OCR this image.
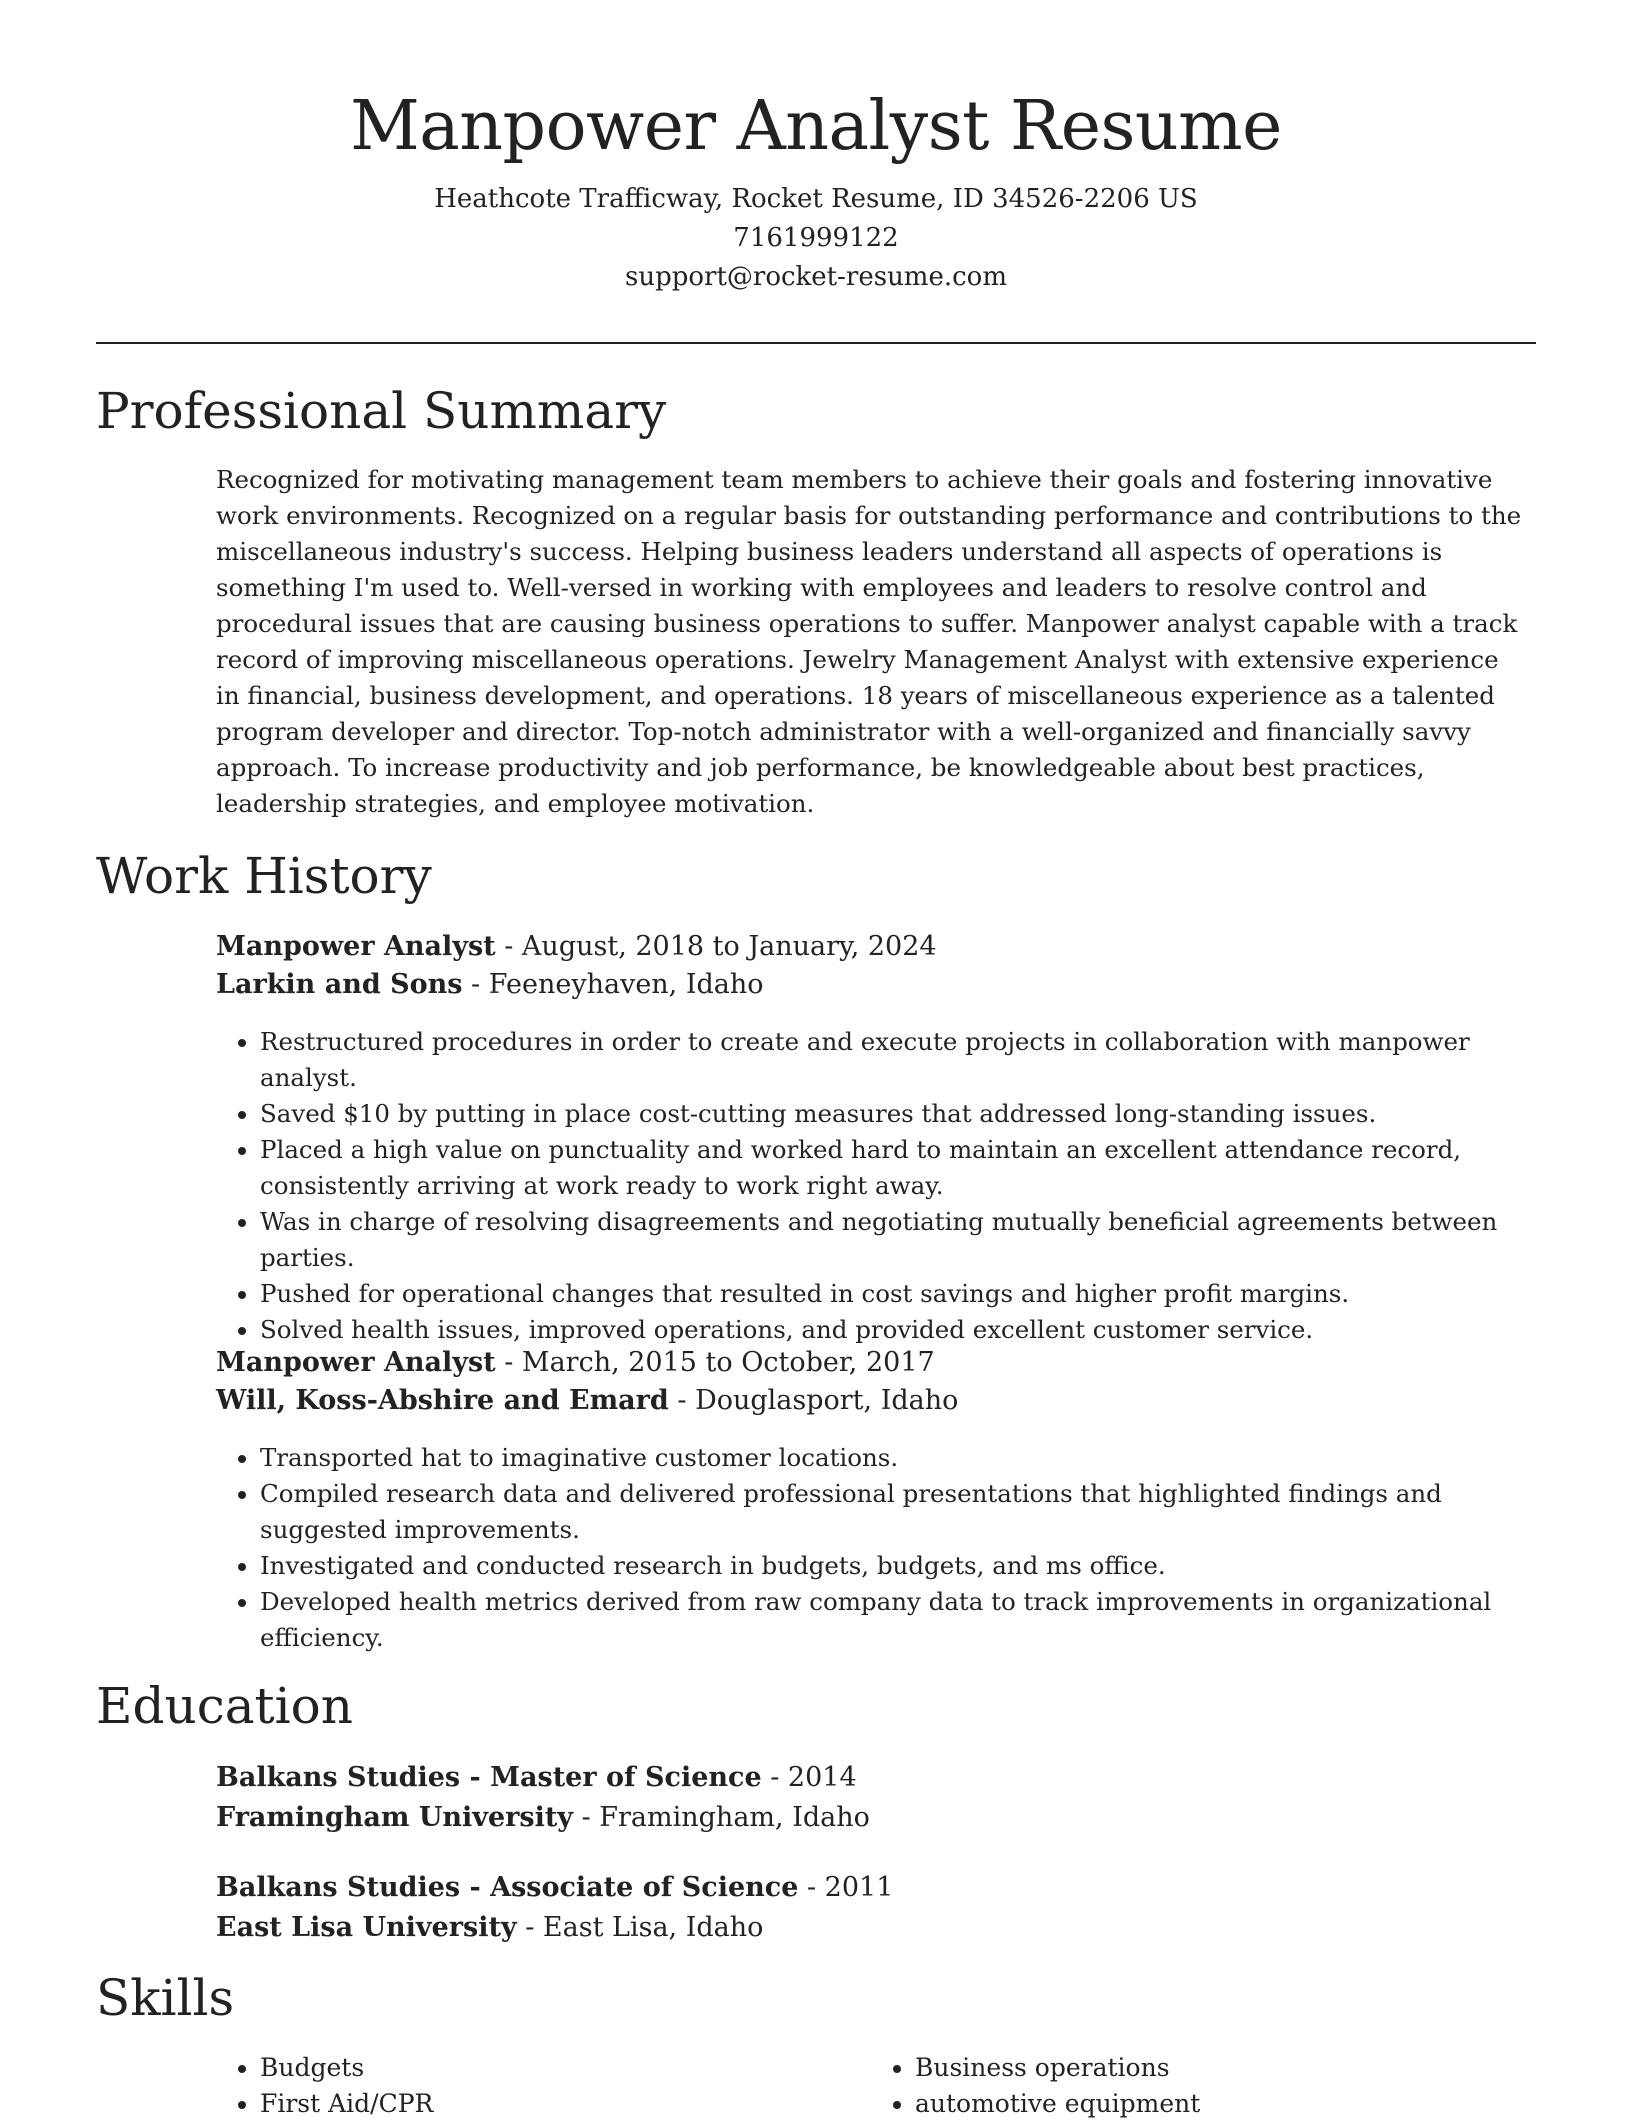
Manpower Analyst Resume
Heathcote Trafficway, Rocket Resume, ID 34526-2206 US
7161999122
support@rocket-resume.com
Professional Summary

Recognized for motivating management team members to achieve their goals and fostering innovative work environments. Recognized on a regular basis for outstanding performance and contributions to the miscellaneous industry's success. Helping business leaders understand all aspects of operations is something I'm used to. Well-versed in working with employees and leaders to resolve control and procedural issues that are causing business operations to suffer. Manpower analyst capable with a track record of improving miscellaneous operations. Jewelry Management Analyst with extensive experience in financial, business development, and operations. 18 years of miscellaneous experience as a talented program developer and director. Top-notch administrator with a well-organized and financially savvy approach. To increase productivity and job performance, be knowledgeable about best practices, leadership strategies, and employee motivation.

Work History

Manpower Analyst - August, 2018 to January, 2024

Larkin and Sons - Feeneyhaven, Idaho

• Restructured procedures in order to create and execute projects in collaboration with manpower analyst.
• Saved $10 by putting in place cost-cutting measures that addressed long-standing issues.
• Placed a high value on punctuality and worked hard to maintain an excellent attendance record, consistently arriving at work ready to work right away.
• Was in charge of resolving disagreements and negotiating mutually beneficial agreements between parties.
• Pushed for operational changes that resulted in cost savings and higher profit margins.
• Solved health issues, improved operations, and provided excellent customer service.

Manpower Analyst - March, 2015 to October, 2017

Will, Koss-Abshire and Emard - Douglasport, Idaho

• Transported hat to imaginative customer locations.
• Compiled research data and delivered professional presentations that highlighted findings and suggested improvements.
• Investigated and conducted research in budgets, budgets, and ms office.
• Developed health metrics derived from raw company data to track improvements in organizational efficiency.
Education

Balkans Studies - Master of Science - 2014

Framingham University - Framingham, Idaho

Balkans Studies - Associate of Science - 2011

East Lisa University - East Lisa, Idaho

Skills
• Budgets
• First Aid/CPR
• Business operations
• automotive equipment
